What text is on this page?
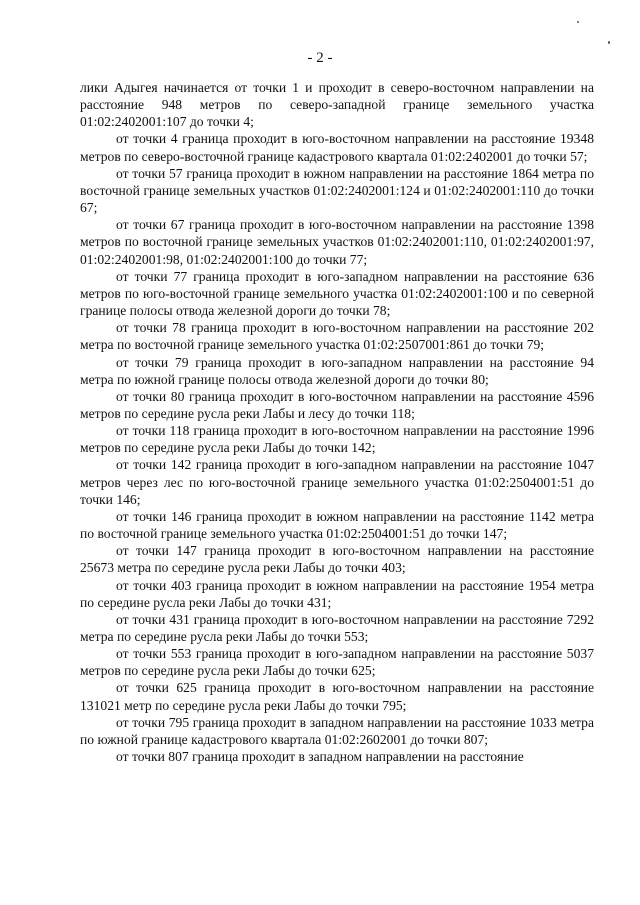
- 2 -

лики Адыгея начинается от точки 1 и проходит в северо-восточном направлении на расстояние 948 метров по северо-западной границе земельного участка 01:02:2402001:107 до точки 4;

от точки 4 граница проходит в юго-восточном направлении на расстояние 19348 метров по северо-восточной границе кадастрового квартала 01:02:2402001 до точки 57;

от точки 57 граница проходит в южном направлении на расстояние 1864 метра по восточной границе земельных участков 01:02:2402001:124 и 01:02:2402001:110 до точки 67;

от точки 67 граница проходит в юго-восточном направлении на расстояние 1398 метров по восточной границе земельных участков 01:02:2402001:110, 01:02:2402001:97, 01:02:2402001:98, 01:02:2402001:100 до точки 77;

от точки 77 граница проходит в юго-западном направлении на расстояние 636 метров по юго-восточной границе земельного участка 01:02:2402001:100 и по северной границе полосы отвода железной дороги до точки 78;

от точки 78 граница проходит в юго-восточном направлении на расстояние 202 метра по восточной границе земельного участка 01:02:2507001:861 до точки 79;

от точки 79 граница проходит в юго-западном направлении на расстояние 94 метра по южной границе полосы отвода железной дороги до точки 80;

от точки 80 граница проходит в юго-восточном направлении на расстояние 4596 метров по середине русла реки Лабы и лесу до точки 118;

от точки 118 граница проходит в юго-восточном направлении на расстояние 1996 метров по середине русла реки Лабы до точки 142;

от точки 142 граница проходит в юго-западном направлении на расстояние 1047 метров через лес по юго-восточной границе земельного участка 01:02:2504001:51 до точки 146;

от точки 146 граница проходит в южном направлении на расстояние 1142 метра по восточной границе земельного участка 01:02:2504001:51 до точки 147;

от точки 147 граница проходит в юго-восточном направлении на расстояние 25673 метра по середине русла реки Лабы до точки 403;

от точки 403 граница проходит в южном направлении на расстояние 1954 метра по середине русла реки Лабы до точки 431;

от точки 431 граница проходит в юго-восточном направлении на расстояние 7292 метра по середине русла реки Лабы до точки 553;

от точки 553 граница проходит в юго-западном направлении на расстояние 5037 метров по середине русла реки Лабы до точки 625;

от точки 625 граница проходит в юго-восточном направлении на расстояние 131021 метр по середине русла реки Лабы до точки 795;

от точки 795 граница проходит в западном направлении на расстояние 1033 метра по южной границе кадастрового квартала 01:02:2602001 до точки 807;

от точки 807 граница проходит в западном направлении на расстояние
